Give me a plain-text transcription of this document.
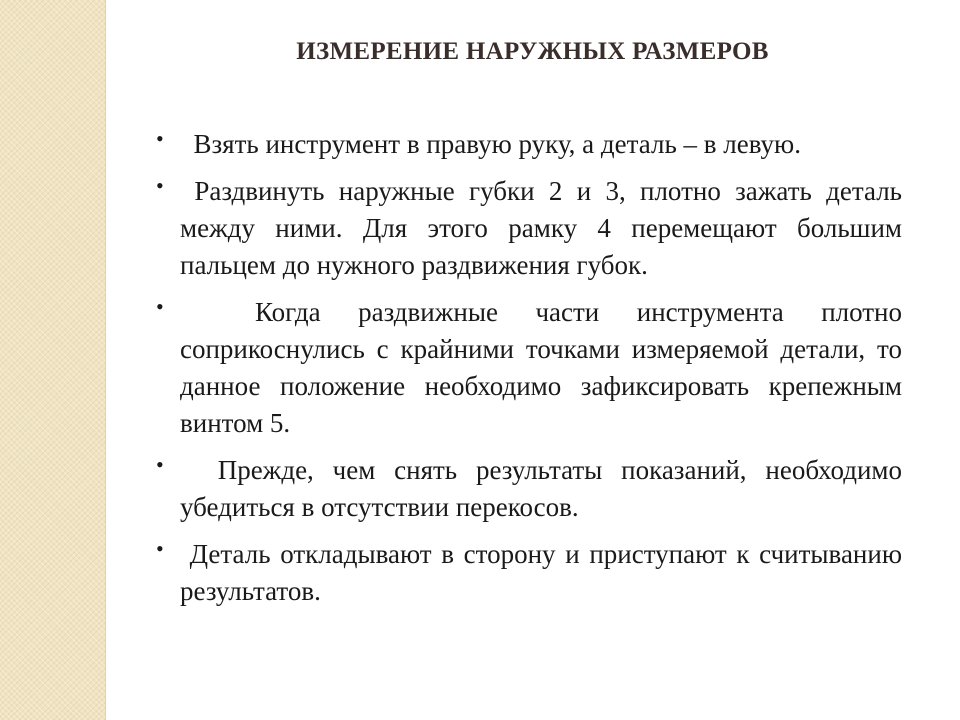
ИЗМЕРЕНИЕ НАРУЖНЫХ РАЗМЕРОВ
• Взять инструмент в правую руку, а деталь – в левую.
• Раздвинуть наружные губки 2 и 3, плотно зажать деталь между ними. Для этого рамку 4 перемещают большим пальцем до нужного раздвижения губок.
• Когда раздвижные части инструмента плотно соприкоснулись с крайними точками измеряемой детали, то данное положение необходимо зафиксировать крепежным винтом 5.
• Прежде, чем снять результаты показаний, необходимо убедиться в отсутствии перекосов.
• Деталь откладывают в сторону и приступают к считыванию результатов.
